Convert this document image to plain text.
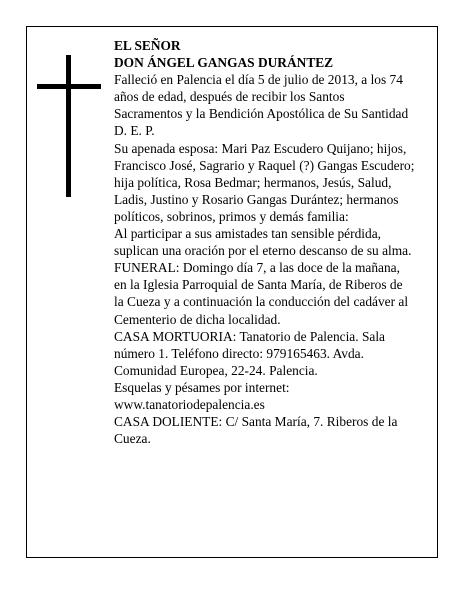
EL SEÑOR
DON ÁNGEL GANGAS DURÁNTEZ
Falleció en Palencia el día 5 de julio de 2013, a los 74
años de edad, después de recibir los Santos
Sacramentos y la Bendición Apostólica de Su Santidad
D. E. P.
Su apenada esposa: Mari Paz Escudero Quijano; hijos,
Francisco José, Sagrario y Raquel (?) Gangas Escudero;
hija política, Rosa Bedmar; hermanos, Jesús, Salud,
Ladis, Justino y Rosario Gangas Durántez; hermanos
políticos, sobrinos, primos y demás familia:
Al participar a sus amistades tan sensible pérdida,
suplican una oración por el eterno descanso de su alma.
FUNERAL: Domingo día 7, a las doce de la mañana,
en la Iglesia Parroquial de Santa María, de Riberos de
la Cueza y a continuación la conducción del cadáver al
Cementerio de dicha localidad.
CASA MORTUORIA: Tanatorio de Palencia. Sala
número 1. Teléfono directo: 979165463. Avda.
Comunidad Europea, 22-24. Palencia.
Esquelas y pésames por internet:
www.tanatoriodepalencia.es
CASA DOLIENTE: C/ Santa María, 7. Riberos de la
Cueza.
